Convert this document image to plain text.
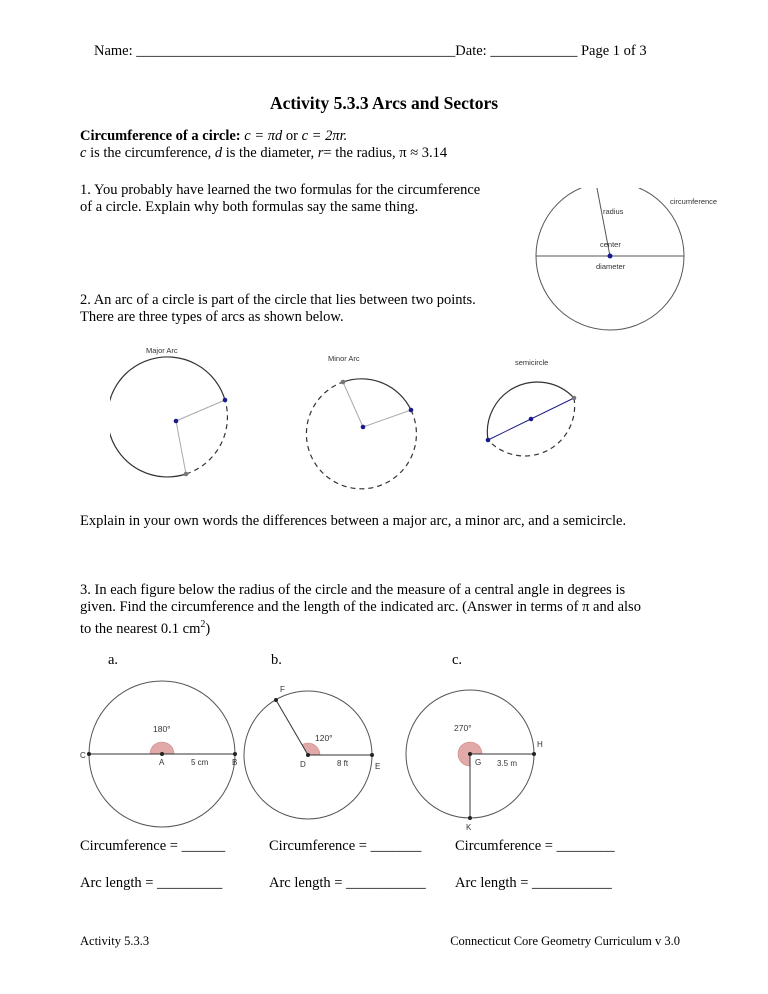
Name: ____________________________________________Date: ____________ Page 1 of 3
Activity 5.3.3 Arcs and Sectors
Circumference of a circle: c = πd or c = 2πr.
c is the circumference, d is the diameter, r= the radius, π ≈ 3.14
1. You probably have learned the two formulas for the circumference
of a circle. Explain why both formulas say the same thing.	circumference
radius
center
diameter
2. An arc of a circle is part of the circle that lies between two points.
There are three types of arcs as shown below.
Major Arc
Minor Arc	semicircle
Explain in your own words the differences between a major arc, a minor arc, and a semicircle.
3. In each figure below the radius of the circle and the measure of a central angle in degrees is
given. Find the circumference and the length of the indicated arc. (Answer in terms of π and also
to the nearest 0.1 $cm^2$)
a.	b.	c.
180°
C
A	B
5 cm
120°
F
D	E
8 ft
270°
G
H
K
3.5 m
Circumference = ______	Circumference = _______ Circumference = ________
Arc length = _________	Arc length = ___________ Arc length = ___________
Activity 5.3.3	Connecticut Core Geometry Curriculum v 3.0
